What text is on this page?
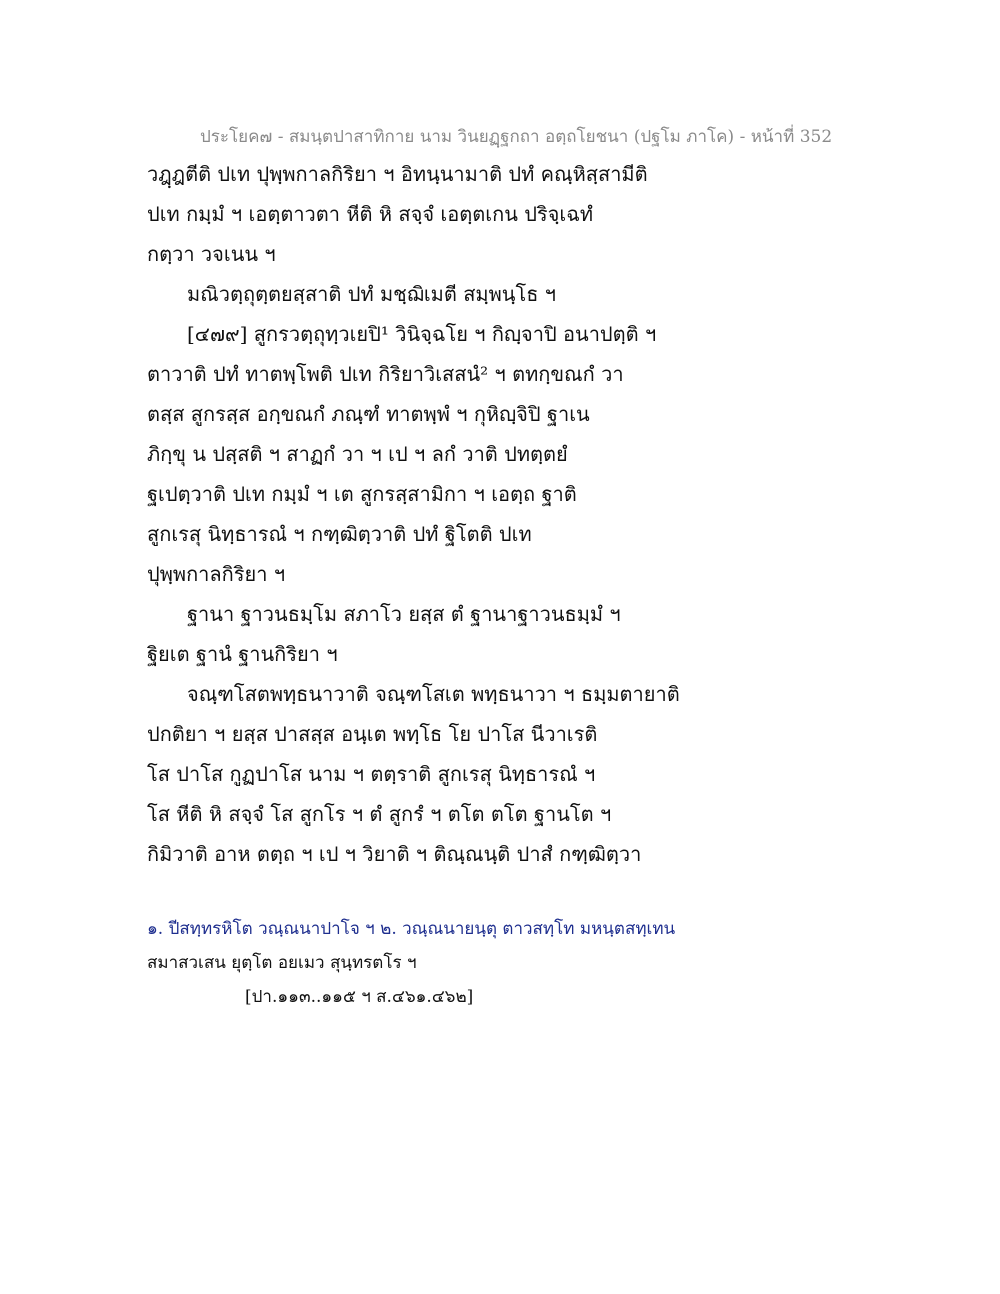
ประโยค๗ - สมนฺตปาสาทิกาย นาม วินยฏฺฐกถา อตฺถโยชนา (ปฐโม ภาโค) - หน้าที่ 352
วฎฺฎตีติ ปเท ปุพฺพกาลกิริยา ฯ อิทนฺนามาติ ปทํ คณฺหิสฺสามีติ
ปเท กมฺมํ ฯ เอตฺตาวตา หีติ หิ สจฺจํ เอตฺตเกน ปริจฺเฉทํ
กตฺวา วจเนน ฯ
มณิวตฺถุตฺตยสฺสาติ ปทํ มชฺฌิเมตี สมฺพนฺโธ ฯ
[๔๗๙] สูกรวตฺถุทฺวเยปิ¹ วินิจฺฉโย ฯ กิญฺจาปิ อนาปตฺติ ฯ
ตาวาติ ปทํ ทาตพฺโพติ ปเท กิริยาวิเสสนํ² ฯ ตทกฺขณกํ วา
ตสฺส สูกรสฺส อกฺขณกํ ภณฺฑํ ทาตพฺพํ ฯ กุหิญฺจิปิ ฐาเน
ภิกฺขุ น ปสฺสติ ฯ สาฏกํ วา ฯ เป ฯ ลกํ วาติ ปทตฺตยํ
ฐเปตฺวาติ ปเท กมฺมํ ฯ เต สูกรสฺสามิกา ฯ เอตฺถ ฐาติ
สูกเรสุ นิทฺธารณํ ฯ กฑฺฒิตฺวาติ ปทํ ฐิโตติ ปเท
ปุพฺพกาลกิริยา ฯ
ฐานา ฐาวนธมฺโม สภาโว ยสฺส ตํ ฐานาฐาวนธมฺมํ ฯ
ฐิยเต ฐานํ ฐานกิริยา ฯ
จณฺฑโสตพทฺธนาวาติ จณฺฑโสเต พทฺธนาวา ฯ ธมฺมตายาติ
ปกติยา ฯ ยสฺส ปาสสฺส อนฺเต พทฺโธ โย ปาโส นีวาเรติ
โส ปาโส กูฏปาโส นาม ฯ ตตฺราติ สูกเรสุ นิทฺธารณํ ฯ
โส หีติ หิ สจฺจํ โส สูกโร ฯ ตํ สูกรํ ฯ ตโต ตโต ฐานโต ฯ
กิมิวาติ อาห ตตฺถ ฯ เป ฯ วิยาติ ฯ ติณฺณนฺติ ปาสํ กฑฺฒิตฺวา
๑. ปีสทฺทรหิโต วณฺณนาปาโจ ฯ ๒. วณฺณนายนฺตุ ตาวสทฺโท มหนฺตสทฺเทน
สมาสวเสน ยุตฺโต อยเมว สุนฺทรตโร ฯ
[ปา.๑๑๓..๑๑๕ ฯ ส.๔๖๑.๔๖๒]
